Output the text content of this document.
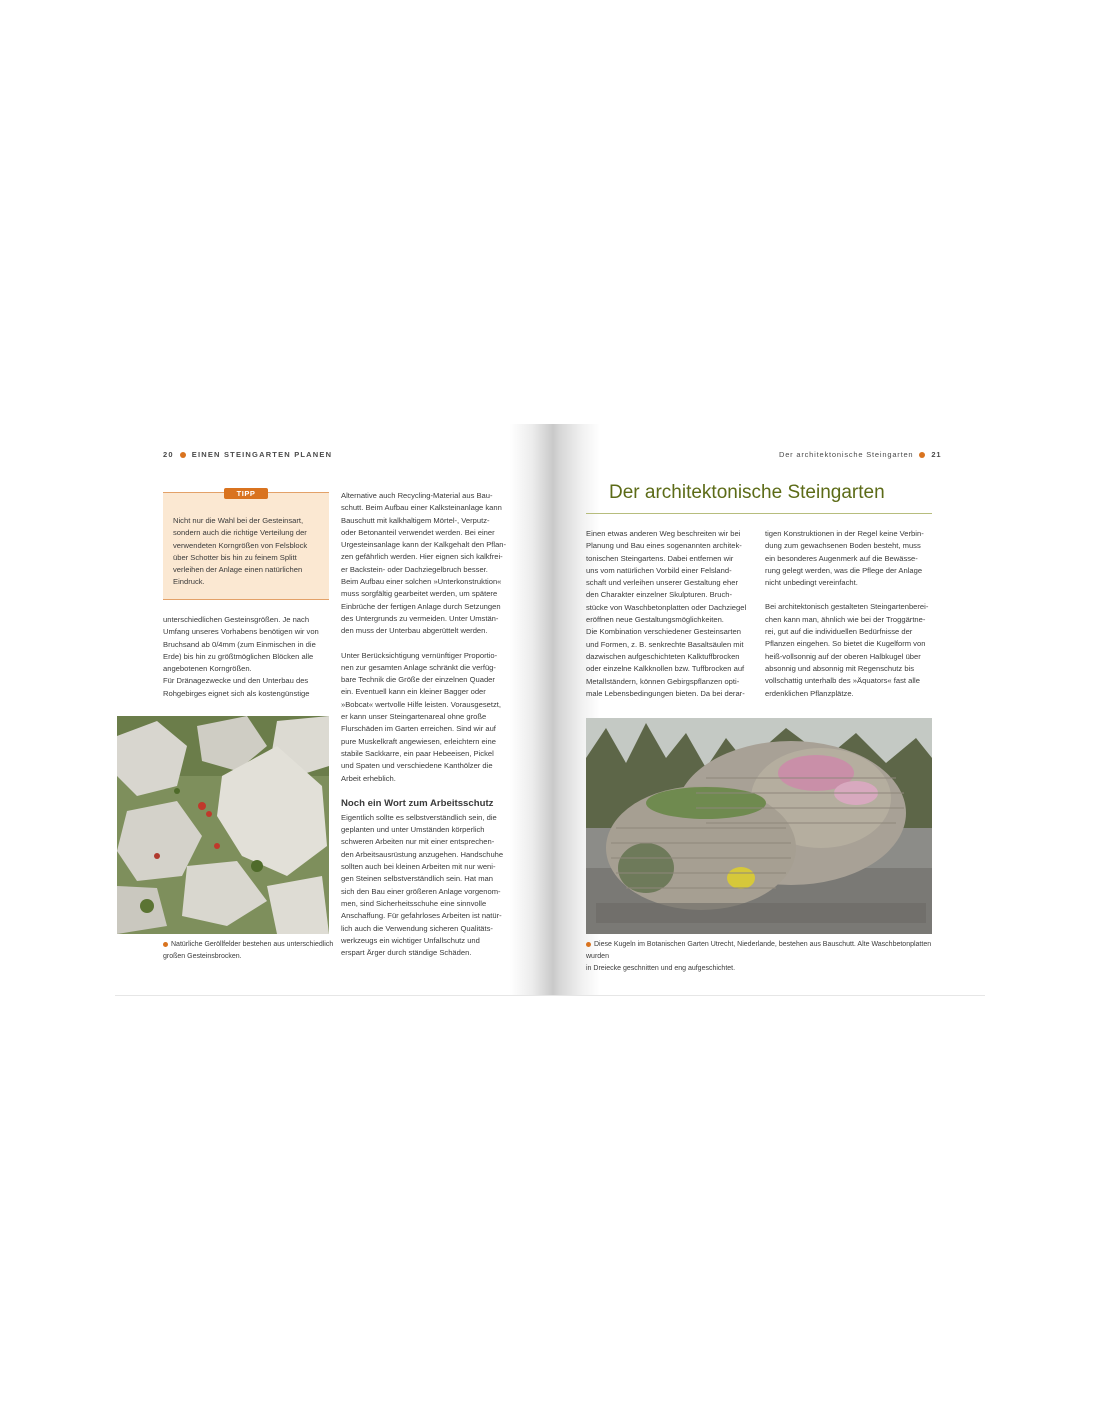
20 EINEN STEINGARTEN PLANEN
TIPP
Nicht nur die Wahl bei der Gesteinsart,
sondern auch die richtige Verteilung der
verwendeten Korngrößen von Felsblock
über Schotter bis hin zu feinem Splitt
verleihen der Anlage einen natürlichen
Eindruck.
unterschiedlichen Gesteinsgrößen. Je nach
Umfang unseres Vorhabens benötigen wir von
Bruchsand ab 0/4mm (zum Einmischen in die
Erde) bis hin zu größtmöglichen Blöcken alle
angebotenen Korngrößen.
Für Dränagezwecke und den Unterbau des
Rohgebirges eignet sich als kostengünstige
Natürliche Geröllfelder bestehen aus unterschiedlich
großen Gesteinsbrocken.

Alternative auch Recycling-Material aus Bau-
schutt. Beim Aufbau einer Kalksteinanlage kann
Bauschutt mit kalkhaltigem Mörtel-, Verputz-
oder Betonanteil verwendet werden. Bei einer
Urgesteinsanlage kann der Kalkgehalt den Pflan-
zen gefährlich werden. Hier eignen sich kalkfrei-
er Backstein- oder Dachziegelbruch besser.
Beim Aufbau einer solchen »Unterkonstruktion«
muss sorgfältig gearbeitet werden, um spätere
Einbrüche der fertigen Anlage durch Setzungen
des Untergrunds zu vermeiden. Unter Umstän-
den muss der Unterbau abgerüttelt werden.

Unter Berücksichtigung vernünftiger Proportio-
nen zur gesamten Anlage schränkt die verfüg-
bare Technik die Größe der einzelnen Quader
ein. Eventuell kann ein kleiner Bagger oder
»Bobcat« wertvolle Hilfe leisten. Vorausgesetzt,
er kann unser Steingartenareal ohne große
Flurschäden im Garten erreichen. Sind wir auf
pure Muskelkraft angewiesen, erleichtern eine
stabile Sackkarre, ein paar Hebeeisen, Pickel
und Spaten und verschiedene Kanthölzer die
Arbeit erheblich.

Noch ein Wort zum Arbeitsschutz

Eigentlich sollte es selbstverständlich sein, die
geplanten und unter Umständen körperlich
schweren Arbeiten nur mit einer entsprechen-
den Arbeitsausrüstung anzugehen. Handschuhe
sollten auch bei kleinen Arbeiten mit nur weni-
gen Steinen selbstverständlich sein. Hat man
sich den Bau einer größeren Anlage vorgenom-
men, sind Sicherheitsschuhe eine sinnvolle
Anschaffung. Für gefahrloses Arbeiten ist natür-
lich auch die Verwendung sicheren Qualitäts-
werkzeugs ein wichtiger Unfallschutz und
erspart Ärger durch ständige Schäden.

Der architektonische Steingarten 21
Der architektonische Steingarten
Einen etwas anderen Weg beschreiten wir bei
Planung und Bau eines sogenannten architek-
tonischen Steingartens. Dabei entfernen wir
uns vom natürlichen Vorbild einer Felsland-
schaft und verleihen unserer Gestaltung eher
den Charakter einzelner Skulpturen. Bruch-
stücke von Waschbetonplatten oder Dachziegel
eröffnen neue Gestaltungsmöglichkeiten.
Die Kombination verschiedener Gesteinsarten
und Formen, z. B. senkrechte Basaltsäulen mit
dazwischen aufgeschichteten Kalktuffbrocken
oder einzelne Kalkknollen bzw. Tuffbrocken auf
Metallständern, können Gebirgspflanzen opti-
male Lebensbedingungen bieten. Da bei derar-

tigen Konstruktionen in der Regel keine Verbin-
dung zum gewachsenen Boden besteht, muss
ein besonderes Augenmerk auf die Bewässe-
rung gelegt werden, was die Pflege der Anlage
nicht unbedingt vereinfacht.

Bei architektonisch gestalteten Steingartenberei-
chen kann man, ähnlich wie bei der Troggärtne-
rei, gut auf die individuellen Bedürfnisse der
Pflanzen eingehen. So bietet die Kugelform von
heiß-vollsonnig auf der oberen Halbkugel über
absonnig und absonnig mit Regenschutz bis
vollschattig unterhalb des »Äquators« fast alle
erdenklichen Pflanzplätze.

Diese Kugeln im Botanischen Garten Utrecht, Niederlande, bestehen aus Bauschutt. Alte Waschbetonplatten wurden
in Dreiecke geschnitten und eng aufgeschichtet.
